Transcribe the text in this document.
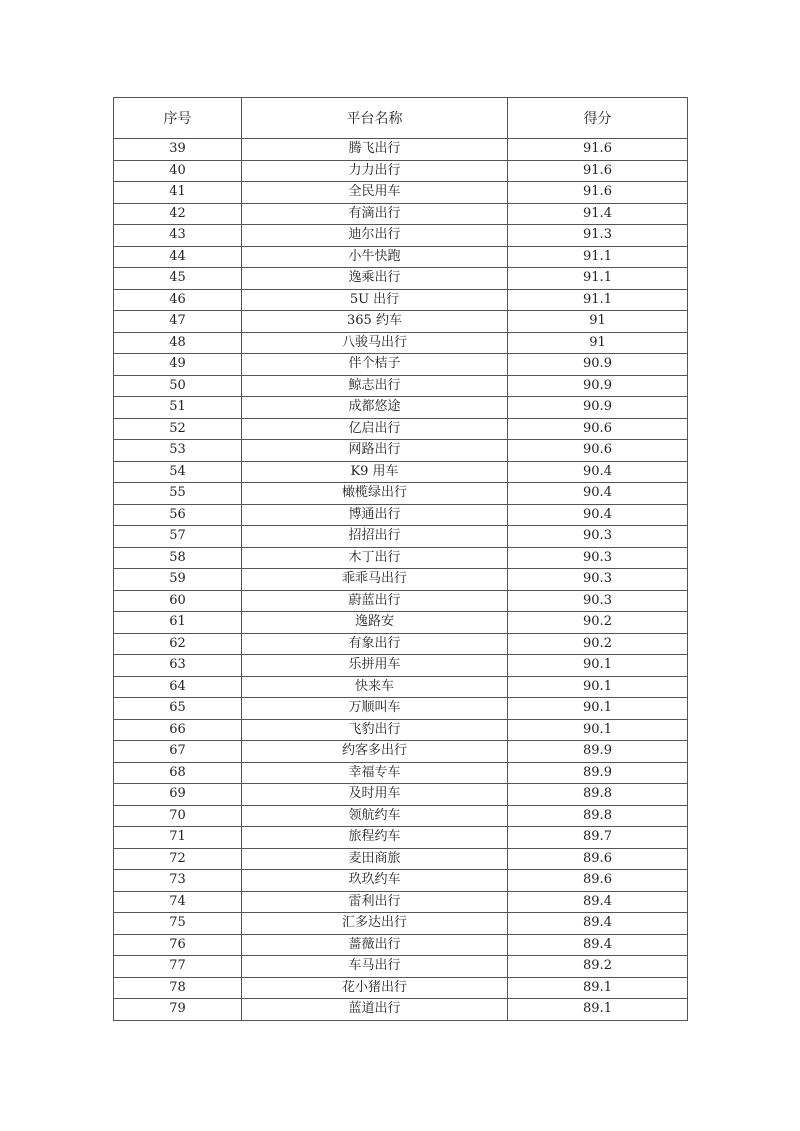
序号	平台名称	得分
39	腾飞出行	91.6
40	力力出行	91.6
41	全民用车	91.6
42	有滴出行	91.4
43	迪尔出行	91.3
44	小牛快跑	91.1
45	逸乘出行	91.1
46	5U 出行	91.1
47	365 约车	91
48	八骏马出行	91
49	伴个桔子	90.9
50	鲸志出行	90.9
51	成都悠途	90.9
52	亿启出行	90.6
53	网路出行	90.6
54	K9 用车	90.4
55	橄榄绿出行	90.4
56	博通出行	90.4
57	招招出行	90.3
58	木丁出行	90.3
59	乖乖马出行	90.3
60	蔚蓝出行	90.3
61	逸路安	90.2
62	有象出行	90.2
63	乐拼用车	90.1
64	快来车	90.1
65	万顺叫车	90.1
66	飞豹出行	90.1
67	约客多出行	89.9
68	幸福专车	89.9
69	及时用车	89.8
70	领航约车	89.8
71	旅程约车	89.7
72	麦田商旅	89.6
73	玖玖约车	89.6
74	雷利出行	89.4
75	汇多达出行	89.4
76	蔷薇出行	89.4
77	车马出行	89.2
78	花小猪出行	89.1
79	蓝道出行	89.1
